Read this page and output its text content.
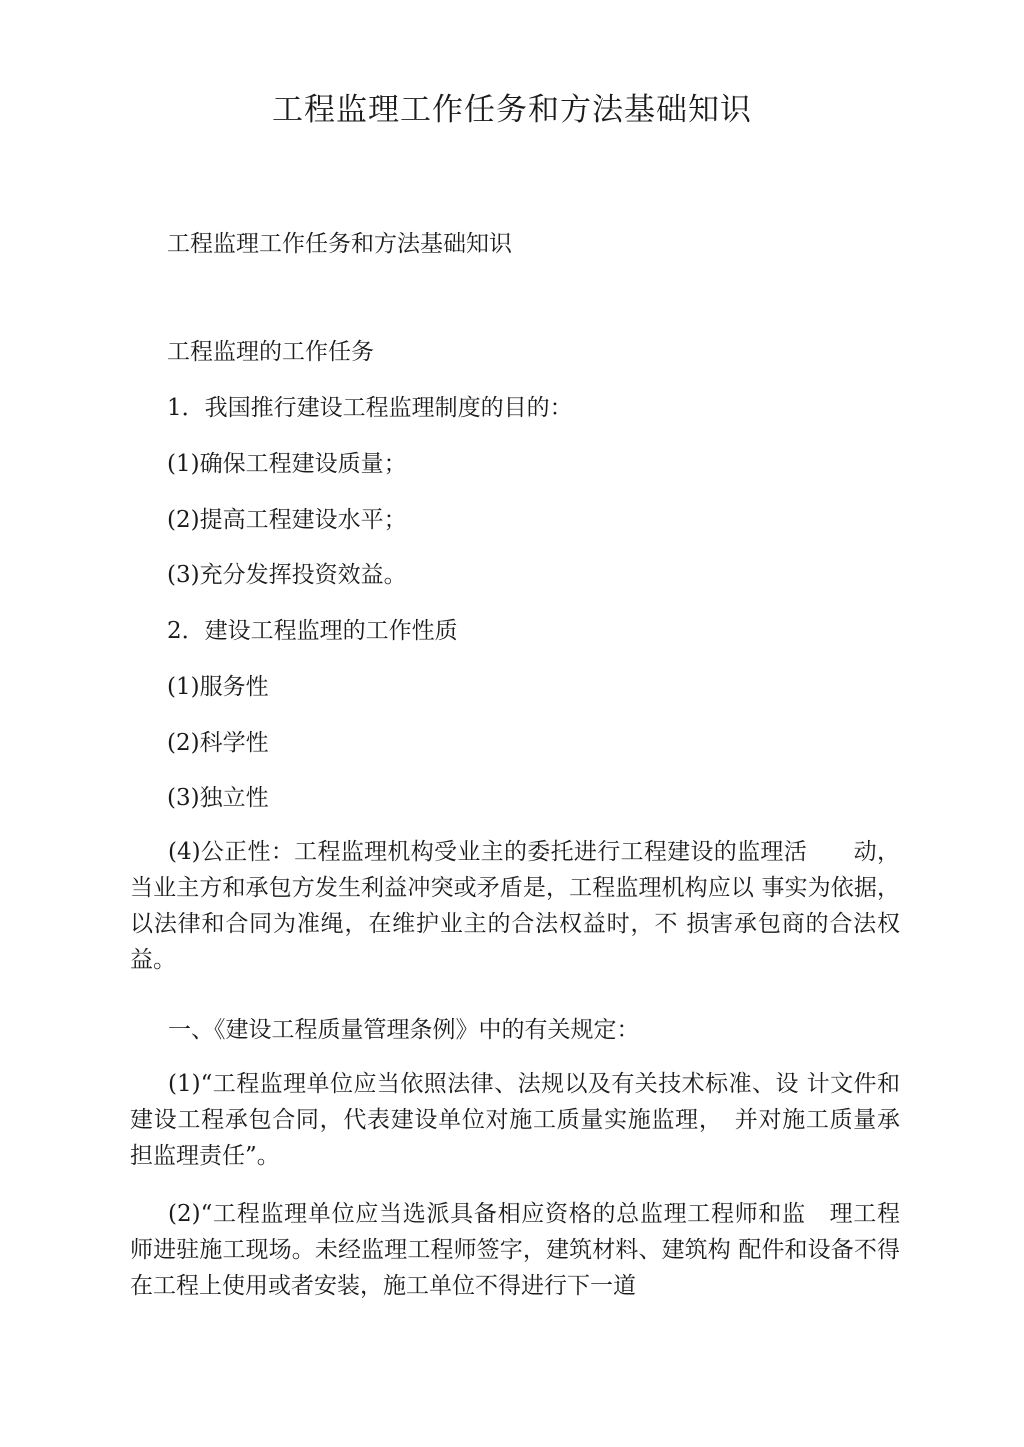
工程监理工作任务和方法基础知识

工程监理工作任务和方法基础知识

工程监理的工作任务

1．我国推行建设工程监理制度的目的：

(1)确保工程建设质量；

(2)提高工程建设水平；

(3)充分发挥投资效益。

2．建设工程监理的工作性质

(1)服务性

(2)科学性

(3)独立性

(4)公正性：工程监理机构受业主的委托进行工程建设的监理活　　动，当业主方和承包方发生利益冲突或矛盾是，工程监理机构应以 事实为依据，以法律和合同为准绳，在维护业主的合法权益时，不 损害承包商的合法权益。

一、《建设工程质量管理条例》中的有关规定：

(1)“工程监理单位应当依照法律、法规以及有关技术标准、设 计文件和建设工程承包合同，代表建设单位对施工质量实施监理，　并对施工质量承担监理责任”。

(2)“工程监理单位应当选派具备相应资格的总监理工程师和监　理工程师进驻施工现场。未经监理工程师签字，建筑材料、建筑构 配件和设备不得在工程上使用或者安装，施工单位不得进行下一道
